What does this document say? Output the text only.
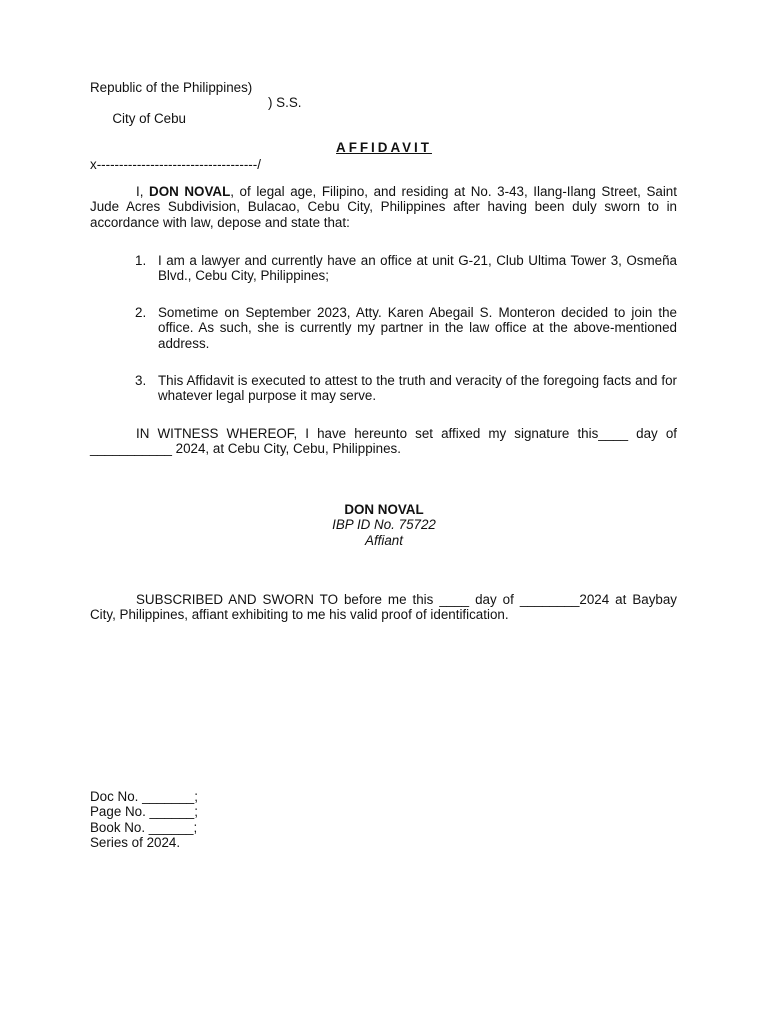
Republic of the Philippines)

City of Cebu

) S.S.

x------------------------------------/
AFFIDAVIT
I, DON NOVAL, of legal age, Filipino, and residing at No. 3-43, Ilang-Ilang Street, Saint Jude Acres Subdivision, Bulacao, Cebu City, Philippines after having been duly sworn to in accordance with law, depose and state that:
1. I am a lawyer and currently have an office at unit G-21, Club Ultima Tower 3, Osmeña Blvd., Cebu City, Philippines;
2. Sometime on September 2023, Atty. Karen Abegail S. Monteron decided to join the office. As such, she is currently my partner in the law office at the above-mentioned address.
3. This Affidavit is executed to attest to the truth and veracity of the foregoing facts and for whatever legal purpose it may serve.
IN WITNESS WHEREOF, I have hereunto set affixed my signature this____ day of ___________ 2024, at Cebu City, Cebu, Philippines.
DON NOVAL
IBP ID No. 75722
Affiant
SUBSCRIBED AND SWORN TO before me this ____ day of ________2024 at Baybay City, Philippines, affiant exhibiting to me his valid proof of identification.
Doc No. _______;
Page No. ______;
Book No. ______;
Series of 2024.
